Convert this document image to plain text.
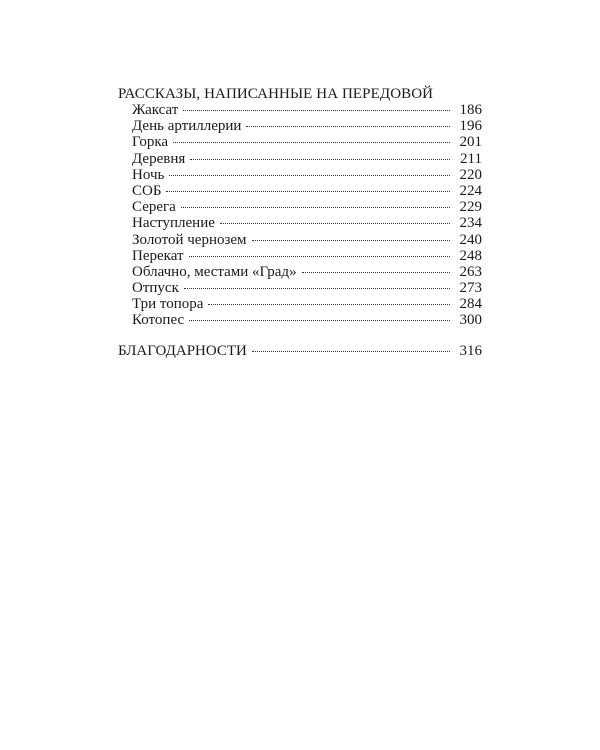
РАССКАЗЫ, НАПИСАННЫЕ НА ПЕРЕДОВОЙ

Жаксат	186
День артиллерии	196
Горка	201
Деревня	211
Ночь	220
СОБ	224
Серега	229
Наступление	234
Золотой чернозем	240
Перекат	248
Облачно, местами «Град»	263
Отпуск	273
Три топора	284
Котопес	300
БЛАГОДАРНОСТИ	316
